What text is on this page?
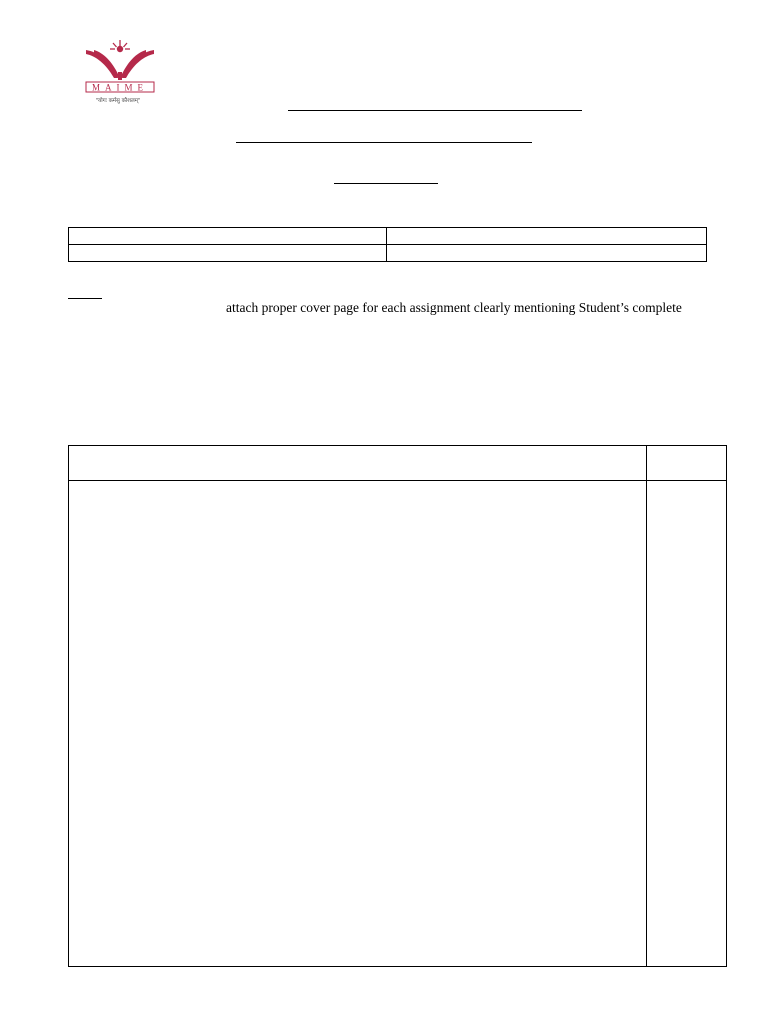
MAIME
"योगः कर्मसु कौशलम्"

attach proper cover page for each assignment clearly mentioning Student’s complete
